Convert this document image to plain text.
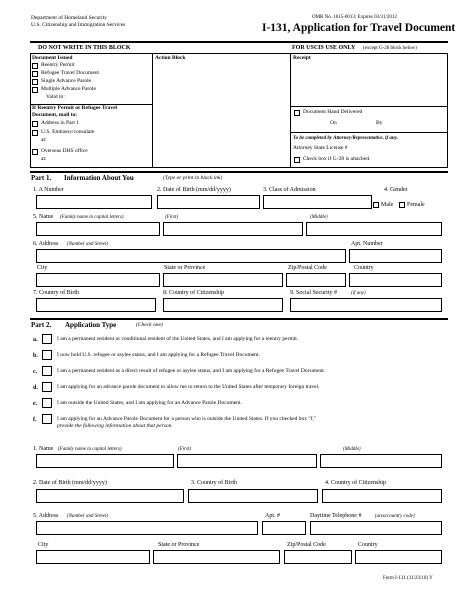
Department of Homeland Security
U.S. Citizenship and Immigration Services
OMB No. 1615-0013; Expires 03/31/2012
I-131, Application for Travel Document
DO NOT WRITE IN THIS BLOCK	FOR USCIS USE ONLY (except G-28 block below)
Document Issued
Reentry Permit
Refugee Travel Document
Single Advance Parole
Multiple Advance Parole
Valid to:
If Reentry Permit or Refugee Travel
Document, mail to:
Address in Part 1
U.S. Embassy/consulate
at:
Overseas DHS office
at:
Action Block	Receipt
Document Hand Delivered
On	By
To be completed by Attorney/Representative, if any.
Attorney State License #
Check box if G-28 is attached.
Part 1. Information About You	(Type or print in black ink)
1. A Number	2. Date of Birth (mm/dd/yyyy)	3. Class of Admission	4. Gender
Male Female
5. Name (Family name in capital letters)	(First)	(Middle)
6. Address (Number and Street)	Apt. Number
City	State or Province	Zip/Postal Code	Country
7. Country of Birth	8. Country of Citizenship	9. Social Security #	(if any)
Part 2. Application Type	(Check one)
a.	I am a permanent resident or conditional resident of the United States, and I am applying for a reentry permit.
b.	I now hold U.S. refugee or asylee status, and I am applying for a Refugee Travel Document.
c.	I am a permanent resident as a direct result of refugee or asylee status, and I am applying for a Refugee Travel Document.
d.	I am applying for an advance parole document to allow me to return to the United States after temporary foreign travel.
e.	I am outside the United States, and I am applying for an Advance Parole Document.
f.	I am applying for an Advance Parole Document for a person who is outside the United States. If you checked box "f,"
provide the following information about that person.
1. Name (Family name in capital letters)	(First)	(Middle)
2. Date of Birth (mm/dd/yyyy)	3. Country of Birth	4. Country of Citizenship
5. Address (Number and Street)	Apt. #	Daytime Telephone #	(area/country code)
City	State or Province	Zip/Postal Code	Country
Form I-131 (11/23/10) Y
